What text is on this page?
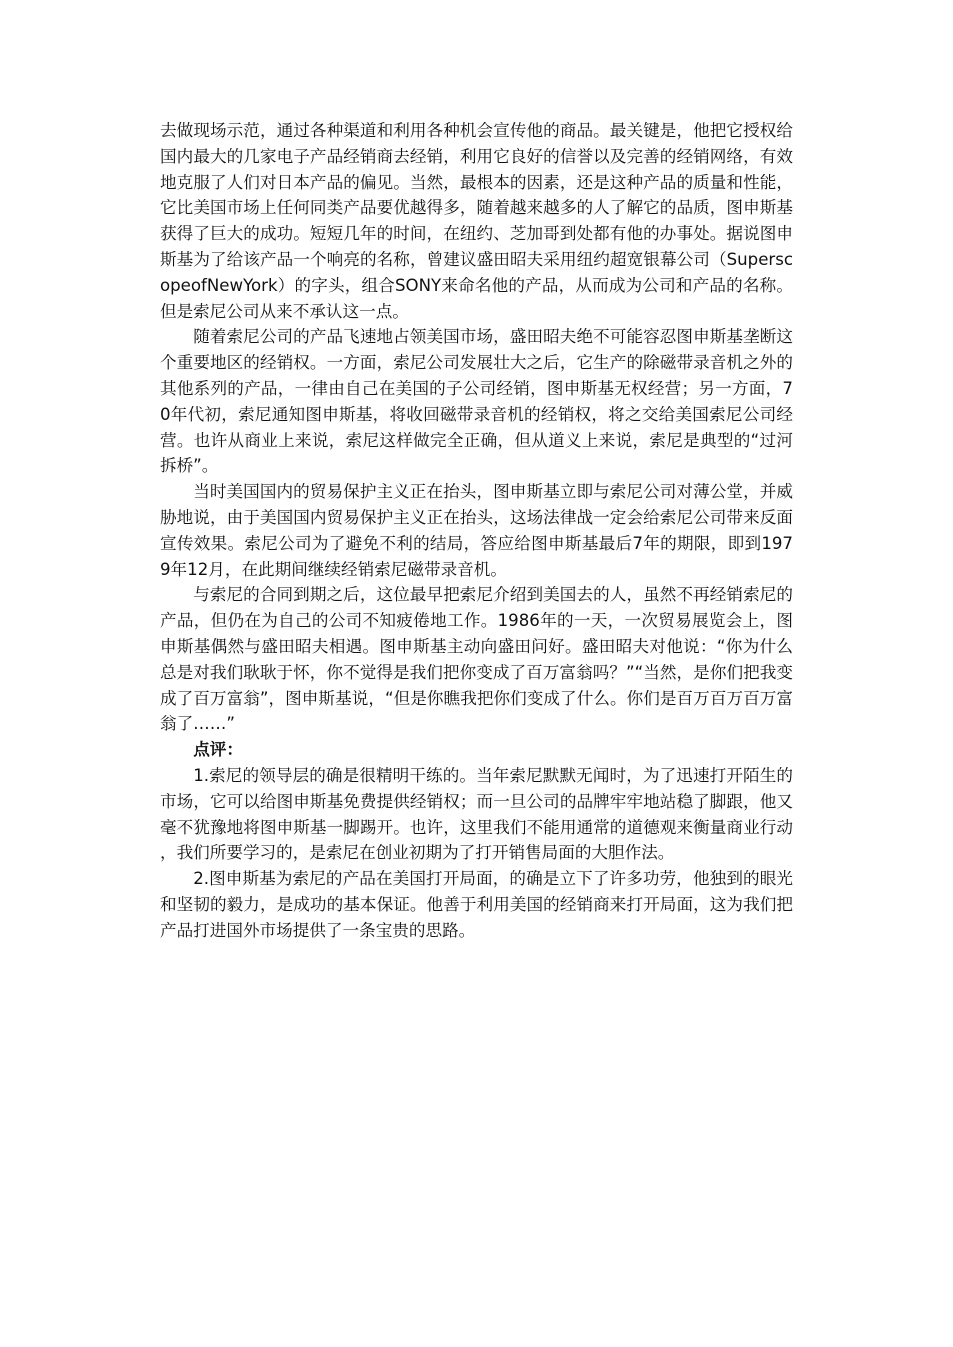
去做现场示范，通过各种渠道和利用各种机会宣传他的商品。最关键是，他把它授权给国内最大的几家电子产品经销商去经销，利用它良好的信誉以及完善的经销网络，有效地克服了人们对日本产品的偏见。当然，最根本的因素，还是这种产品的质量和性能，它比美国市场上任何同类产品要优越得多，随着越来越多的人了解它的品质，图申斯基获得了巨大的成功。短短几年的时间，在纽约、芝加哥到处都有他的办事处。据说图申斯基为了给该产品一个响亮的名称，曾建议盛田昭夫采用纽约超宽银幕公司（SuperscopeofNewYork）的字头，组合SONY来命名他的产品，从而成为公司和产品的名称。但是索尼公司从来不承认这一点。

随着索尼公司的产品飞速地占领美国市场，盛田昭夫绝不可能容忍图申斯基垄断这个重要地区的经销权。一方面，索尼公司发展壮大之后，它生产的除磁带录音机之外的其他系列的产品，一律由自己在美国的子公司经销，图申斯基无权经营；另一方面，70年代初，索尼通知图申斯基，将收回磁带录音机的经销权，将之交给美国索尼公司经营。也许从商业上来说，索尼这样做完全正确，但从道义上来说，索尼是典型的“过河拆桥”。

当时美国国内的贸易保护主义正在抬头，图申斯基立即与索尼公司对薄公堂，并威胁地说，由于美国国内贸易保护主义正在抬头，这场法律战一定会给索尼公司带来反面宣传效果。索尼公司为了避免不利的结局，答应给图申斯基最后7年的期限，即到1979年12月，在此期间继续经销索尼磁带录音机。

与索尼的合同到期之后，这位最早把索尼介绍到美国去的人，虽然不再经销索尼的产品，但仍在为自己的公司不知疲倦地工作。1986年的一天，一次贸易展览会上，图申斯基偶然与盛田昭夫相遇。图申斯基主动向盛田问好。盛田昭夫对他说：“你为什么总是对我们耿耿于怀，你不觉得是我们把你变成了百万富翁吗？”“当然，是你们把我变成了百万富翁”，图申斯基说，“但是你瞧我把你们变成了什么。你们是百万百万百万富翁了……”

点评：

1.索尼的领导层的确是很精明干练的。当年索尼默默无闻时，为了迅速打开陌生的市场，它可以给图申斯基免费提供经销权；而一旦公司的品牌牢牢地站稳了脚跟，他又毫不犹豫地将图申斯基一脚踢开。也许，这里我们不能用通常的道德观来衡量商业行动，我们所要学习的，是索尼在创业初期为了打开销售局面的大胆作法。

2.图申斯基为索尼的产品在美国打开局面，的确是立下了许多功劳，他独到的眼光和坚韧的毅力，是成功的基本保证。他善于利用美国的经销商来打开局面，这为我们把产品打进国外市场提供了一条宝贵的思路。
